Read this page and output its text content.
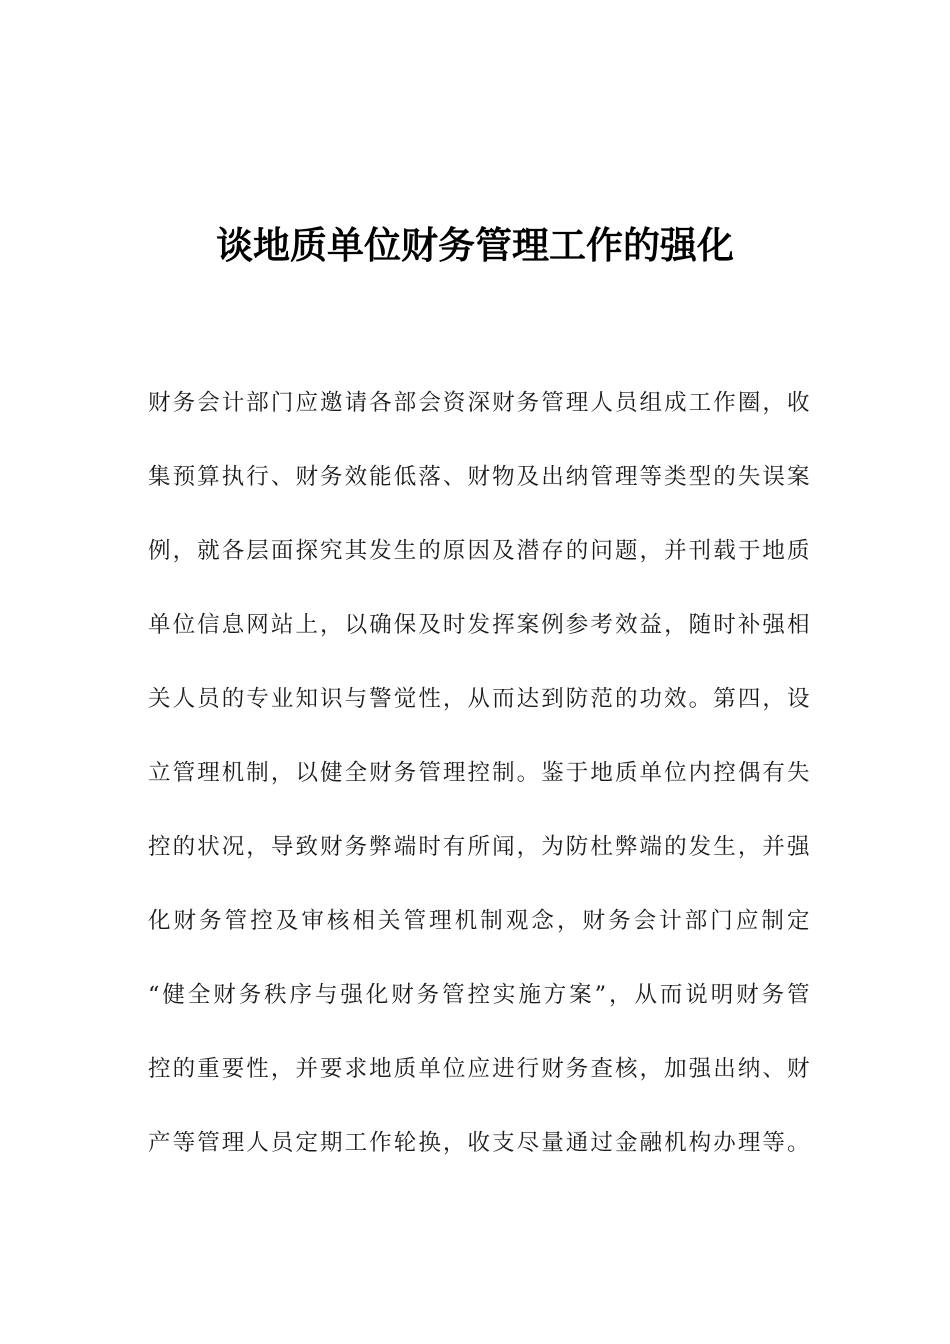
谈地质单位财务管理工作的强化
财务会计部门应邀请各部会资深财务管理人员组成工作圈，收
集预算执行、财务效能低落、财物及出纳管理等类型的失误案
例，就各层面探究其发生的原因及潜存的问题，并刊载于地质
单位信息网站上，以确保及时发挥案例参考效益，随时补强相
关人员的专业知识与警觉性，从而达到防范的功效。第四，设
立管理机制，以健全财务管理控制。鉴于地质单位内控偶有失
控的状况，导致财务弊端时有所闻，为防杜弊端的发生，并强
化财务管控及审核相关管理机制观念，财务会计部门应制定
“健全财务秩序与强化财务管控实施方案”，从而说明财务管
控的重要性，并要求地质单位应进行财务查核，加强出纳、财
产等管理人员定期工作轮换，收支尽量通过金融机构办理等。
